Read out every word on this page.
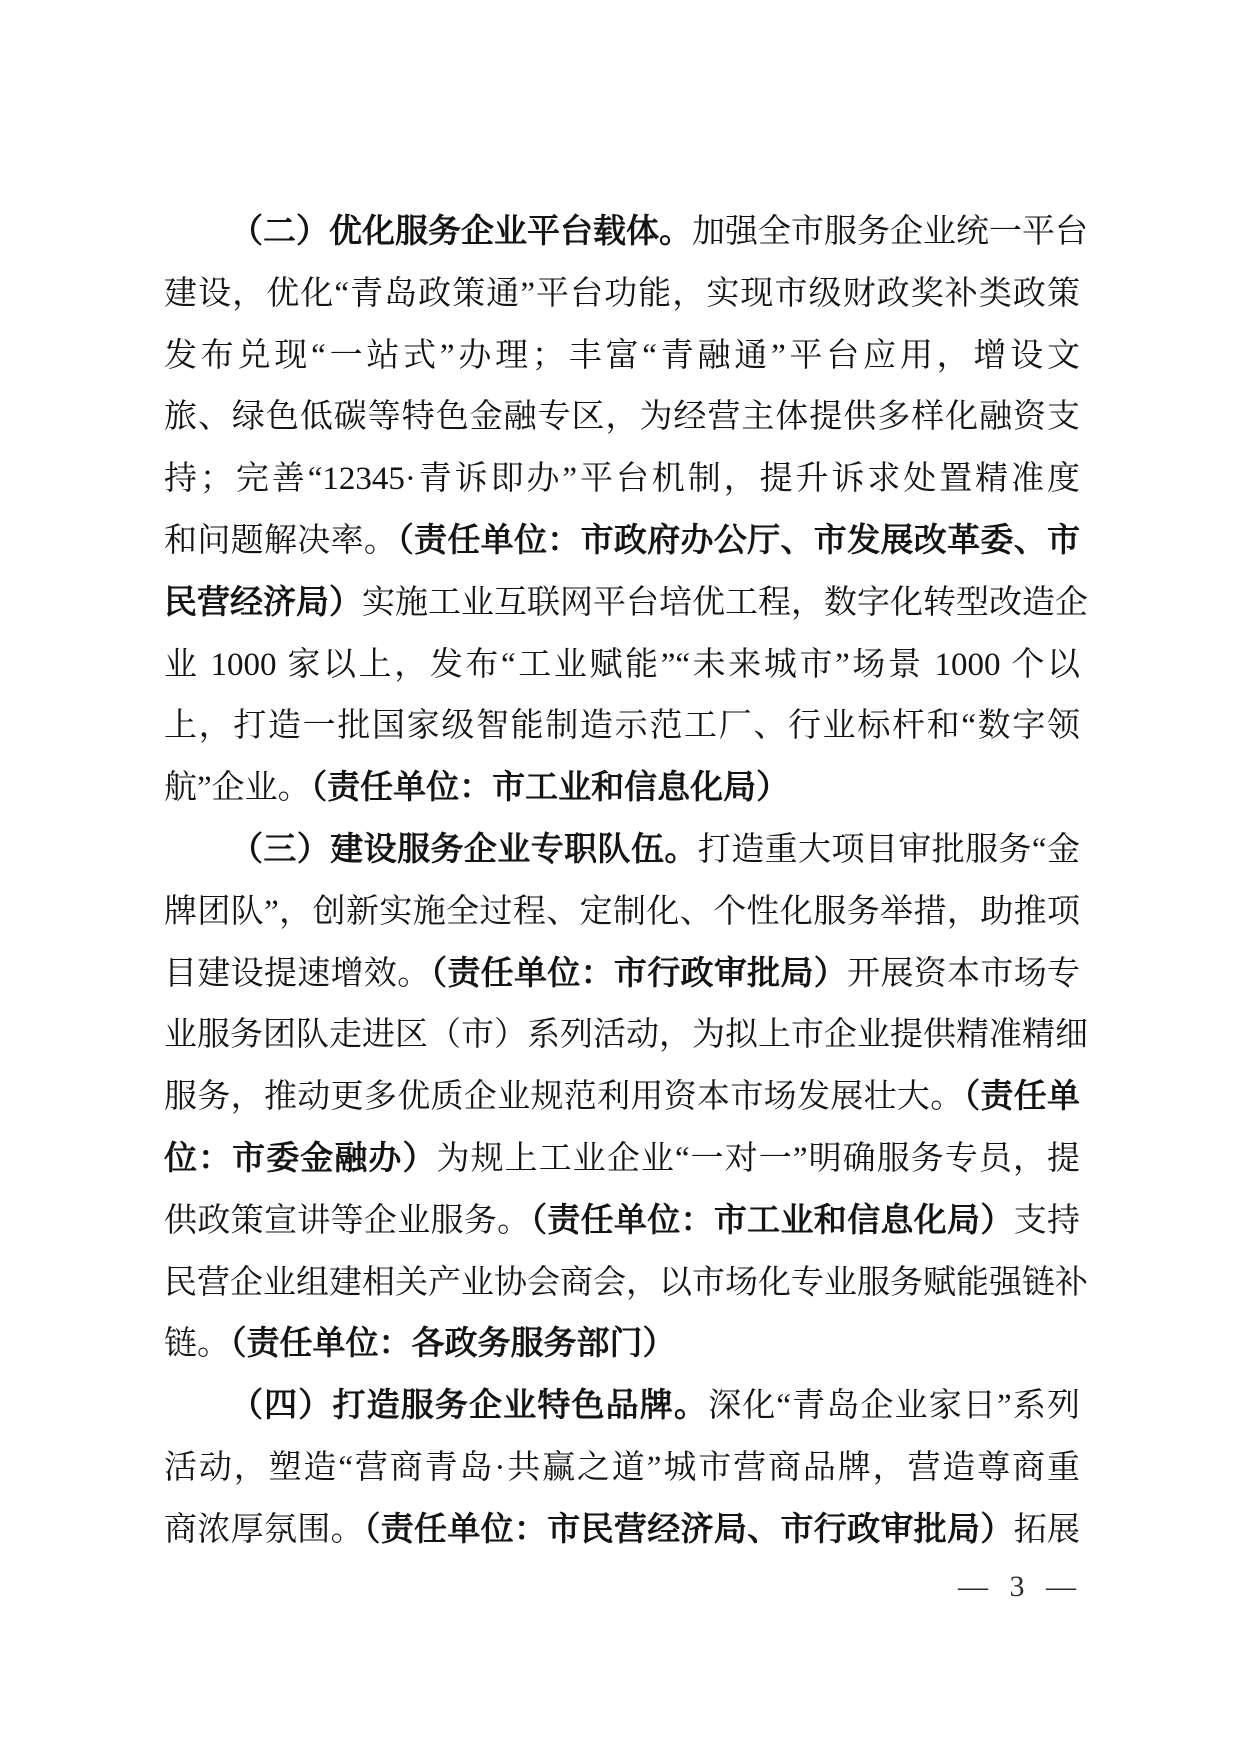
（二）优化服务企业平台载体。加强全市服务企业统一平台
建设，优化“青岛政策通”平台功能，实现市级财政奖补类政策
发布兑现“一站式”办理；丰富“青融通”平台应用，增设文
旅、绿色低碳等特色金融专区，为经营主体提供多样化融资支
持；完善“12345·青诉即办”平台机制，提升诉求处置精准度
和问题解决率。（责任单位：市政府办公厅、市发展改革委、市
民营经济局）实施工业互联网平台培优工程，数字化转型改造企
业 1000 家以上，发布“工业赋能”“未来城市”场景 1000 个以
上，打造一批国家级智能制造示范工厂、行业标杆和“数字领
航”企业。（责任单位：市工业和信息化局）
（三）建设服务企业专职队伍。打造重大项目审批服务“金
牌团队”，创新实施全过程、定制化、个性化服务举措，助推项
目建设提速增效。（责任单位：市行政审批局）开展资本市场专
业服务团队走进区（市）系列活动，为拟上市企业提供精准精细
服务，推动更多优质企业规范利用资本市场发展壮大。（责任单
位：市委金融办）为规上工业企业“一对一”明确服务专员，提
供政策宣讲等企业服务。（责任单位：市工业和信息化局）支持
民营企业组建相关产业协会商会，以市场化专业服务赋能强链补
链。（责任单位：各政务服务部门）
（四）打造服务企业特色品牌。深化“青岛企业家日”系列
活动，塑造“营商青岛·共赢之道”城市营商品牌，营造尊商重
商浓厚氛围。（责任单位：市民营经济局、市行政审批局）拓展
— 3 —
